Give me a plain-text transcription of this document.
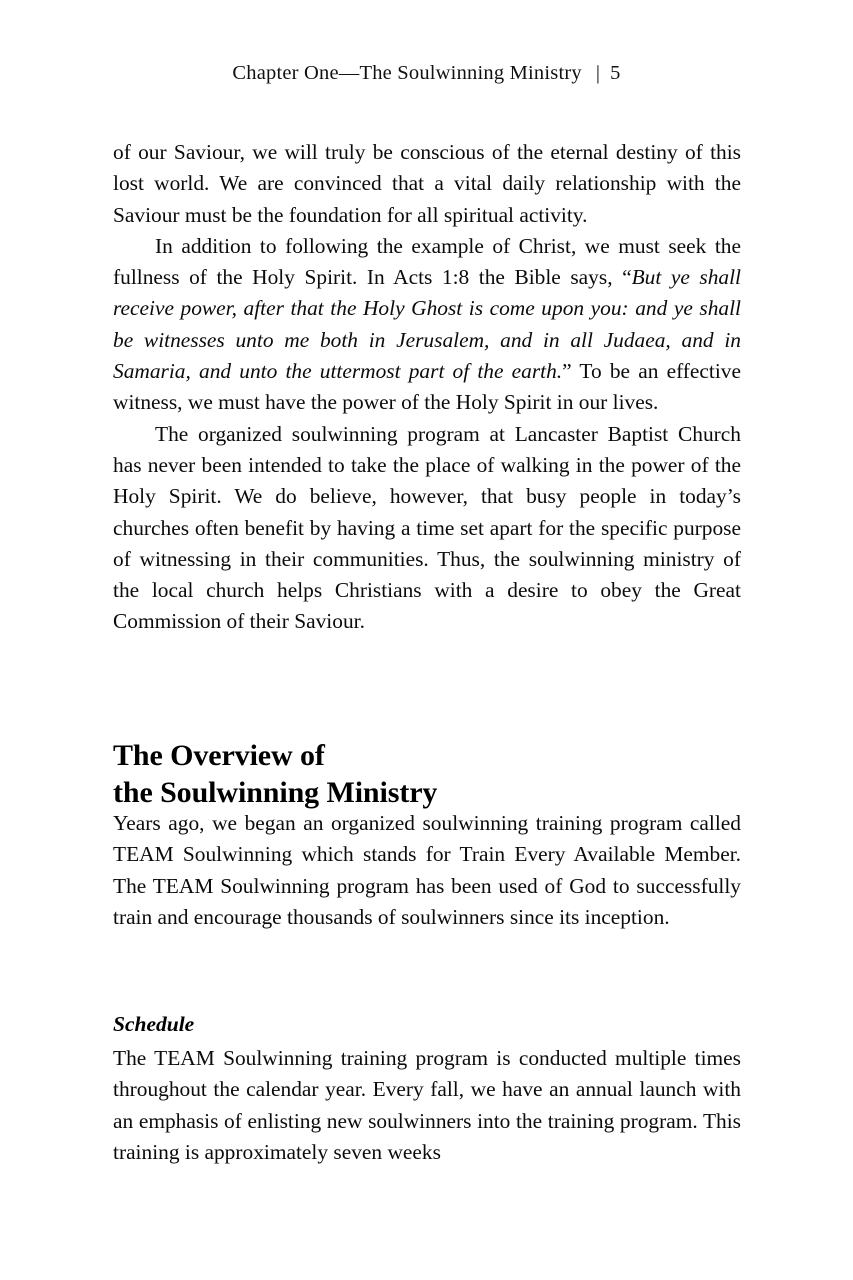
Chapter One—The Soulwinning Ministry | 5

of our Saviour, we will truly be conscious of the eternal destiny of this lost world. We are convinced that a vital daily relationship with the Saviour must be the foundation for all spiritual activity.

In addition to following the example of Christ, we must seek the fullness of the Holy Spirit. In Acts 1:8 the Bible says, “But ye shall receive power, after that the Holy Ghost is come upon you: and ye shall be witnesses unto me both in Jerusalem, and in all Judaea, and in Samaria, and unto the uttermost part of the earth.” To be an effective witness, we must have the power of the Holy Spirit in our lives.

The organized soulwinning program at Lancaster Baptist Church has never been intended to take the place of walking in the power of the Holy Spirit. We do believe, however, that busy people in today’s churches often benefit by having a time set apart for the specific purpose of witnessing in their communities. Thus, the soulwinning ministry of the local church helps Christians with a desire to obey the Great Commission of their Saviour.

The Overview of
the Soulwinning Ministry

Years ago, we began an organized soulwinning training program called TEAM Soulwinning which stands for Train Every Available Member. The TEAM Soulwinning program has been used of God to successfully train and encourage thousands of soulwinners since its inception.

Schedule

The TEAM Soulwinning training program is conducted multiple times throughout the calendar year. Every fall, we have an annual launch with an emphasis of enlisting new soulwinners into the training program. This training is approximately seven weeks
